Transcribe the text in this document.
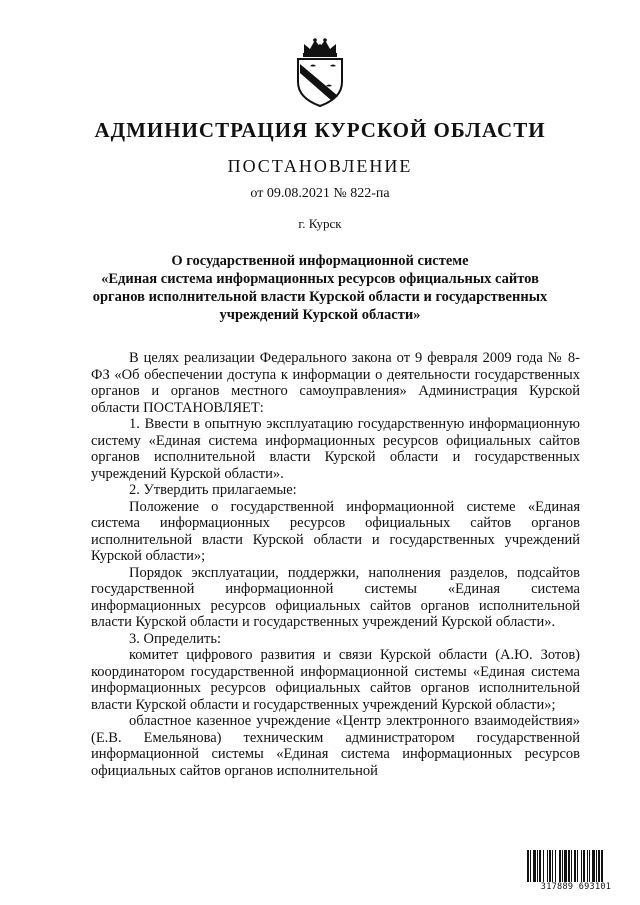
АДМИНИСТРАЦИЯ КУРСКОЙ ОБЛАСТИ
ПОСТАНОВЛЕНИЕ
от 09.08.2021 № 822-па
г. Курск
О государственной информационной системе
«Единая система информационных ресурсов официальных сайтов
органов исполнительной власти Курской области и государственных
учреждений Курской области»

В целях реализации Федерального закона от 9 февраля 2009 года № 8-ФЗ «Об обеспечении доступа к информации о деятельности государственных органов и органов местного самоуправления» Администрация Курской области ПОСТАНОВЛЯЕТ:

1. Ввести в опытную эксплуатацию государственную информационную систему «Единая система информационных ресурсов официальных сайтов органов исполнительной власти Курской области и государственных учреждений Курской области».

2. Утвердить прилагаемые:

Положение о государственной информационной системе «Единая система информационных ресурсов официальных сайтов органов исполнительной власти Курской области и государственных учреждений Курской области»;

Порядок эксплуатации, поддержки, наполнения разделов, подсайтов государственной информационной системы «Единая система информационных ресурсов официальных сайтов органов исполнительной власти Курской области и государственных учреждений Курской области».

3. Определить:

комитет цифрового развития и связи Курской области (А.Ю. Зотов) координатором государственной информационной системы «Единая система информационных ресурсов официальных сайтов органов исполнительной власти Курской области и государственных учреждений Курской области»;

областное казенное учреждение «Центр электронного взаимодействия» (Е.В. Емельянова) техническим администратором государственной информационной системы «Единая система информационных ресурсов официальных сайтов органов исполнительной

317889 693101
